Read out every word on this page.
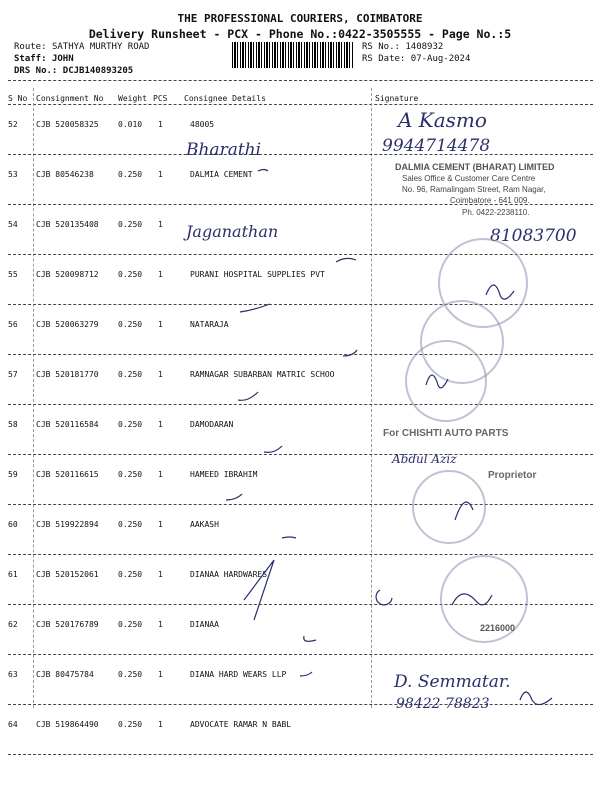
THE PROFESSIONAL COURIERS, COIMBATORE
Delivery Runsheet - PCX - Phone No.:0422-3505555 - Page No.:5
Route: SATHYA MURTHY ROAD
Staff: JOHN
DRS No.: DCJB140893205
RS No.: 1408932
RS Date: 07-Aug-2024
S No Consignment No Weight PCS Consignee Details	Signature
52 CJB 520058325 0.010 1	48005
53 CJB 80546238	0.250 1	DALMIA CEMENT
54 CJB 520135408 0.250 1
55 CJB 520098712 0.250 1	PURANI HOSPITAL SUPPLIES PVT
56 CJB 520063279 0.250 1	NATARAJA
57 CJB 520181770 0.250 1	RAMNAGAR SUBARBAN MATRIC SCHOO
58 CJB 520116584 0.250 1	DAMODARAN
59 CJB 520116615 0.250 1	HAMEED IBRAHIM
60 CJB 519922894 0.250 1	AAKASH
61 CJB 520152061 0.250 1	DIANAA HARDWARES
62 CJB 520176789 0.250 1	DIANAA
63 CJB 80475784	0.250 1	DIANA HARD WEARS LLP
64 CJB 519864490 0.250 1	ADVOCATE RAMAR N BABL
A Kasmo
9944714478
Bharathi
DALMIA CEMENT (BHARAT) LIMITED
Sales Office & Customer Care Centre
No. 96, Ramalingam Street, Ram Nagar,
Coimbatore - 641 009.
Ph. 0422-2238110.
Jaganathan	81083700
For CHISHTI AUTO PARTS
Abdul Aziz
Proprietor
2216000
D. Semmatar.
98422 78823
